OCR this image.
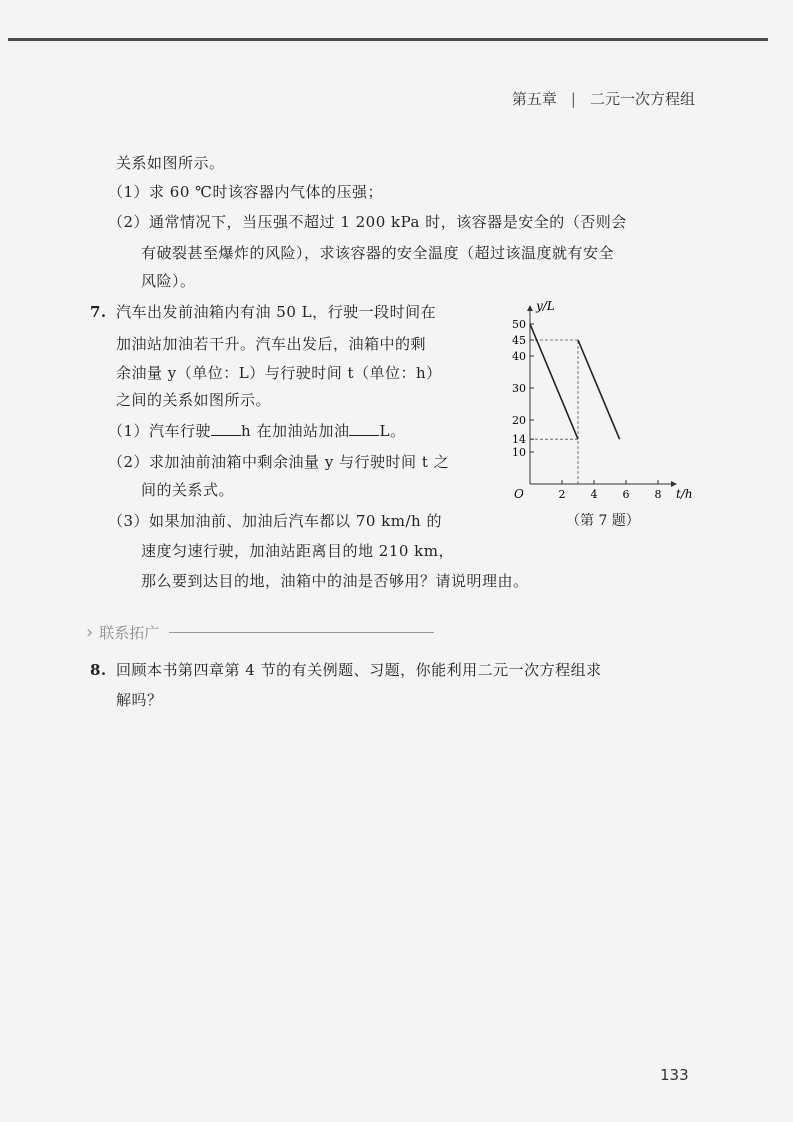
第五章 | 二元一次方程组
关系如图所示。
（1）求 60 ℃时该容器内气体的压强；
（2）通常情况下，当压强不超过 1 200 kPa 时，该容器是安全的（否则会
有破裂甚至爆炸的风险），求该容器的安全温度（超过该温度就有安全
风险）。
7. 汽车出发前油箱内有油 50 L，行驶一段时间在
加油站加油若干升。汽车出发后，油箱中的剩
余油量 y（单位：L）与行驶时间 t（单位：h）
之间的关系如图所示。
（1）汽车行驶 h 在加油站加油 L。
（2）求加油前油箱中剩余油量 y 与行驶时间 t 之
间的关系式。
（3）如果加油前、加油后汽车都以 70 km/h 的
速度匀速行驶，加油站距离目的地 210 km，
那么要到达目的地，油箱中的油是否够用？请说明理由。
10
14
20
30
40
45
50
2 4 6 8
y/L
t/h
O
（第 7 题）
› 联系拓广
8. 回顾本书第四章第 4 节的有关例题、习题，你能利用二元一次方程组求
解吗？
133
